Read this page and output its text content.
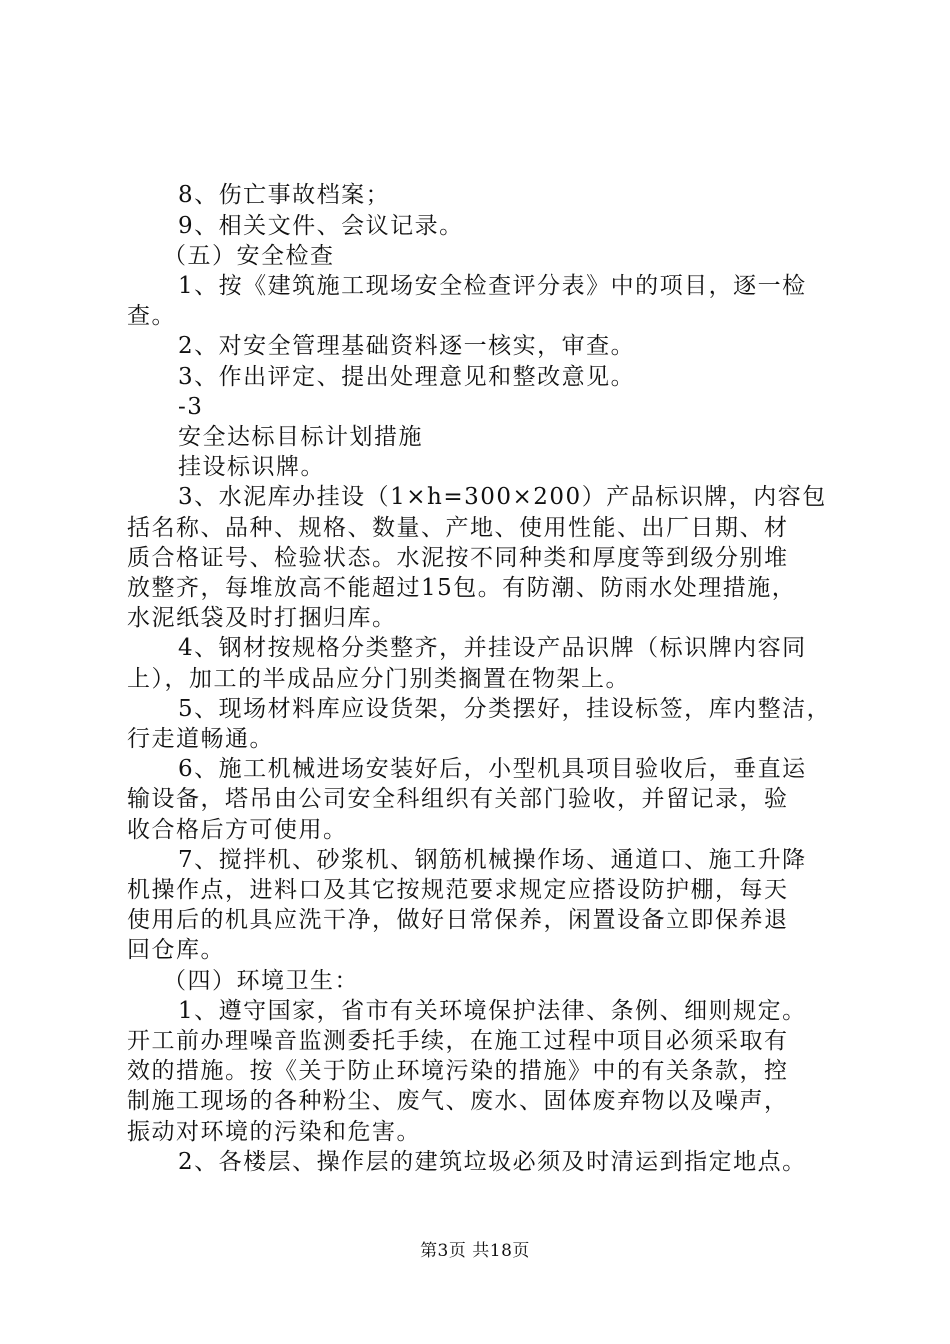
8、伤亡事故档案；
9、相关文件、会议记录。
（五）安全检查
1、按《建筑施工现场安全检查评分表》中的项目，逐一检
查。
2、对安全管理基础资料逐一核实，审查。
3、作出评定、提出处理意见和整改意见。
-3
安全达标目标计划措施
挂设标识牌。
3、水泥库办挂设（1×h=300×200）产品标识牌，内容包
括名称、品种、规格、数量、产地、使用性能、出厂日期、材
质合格证号、检验状态。水泥按不同种类和厚度等到级分别堆
放整齐，每堆放高不能超过15包。有防潮、防雨水处理措施，
水泥纸袋及时打捆归库。
4、钢材按规格分类整齐，并挂设产品识牌（标识牌内容同
上），加工的半成品应分门别类搁置在物架上。
5、现场材料库应设货架，分类摆好，挂设标签，库内整洁，
行走道畅通。
6、施工机械进场安装好后，小型机具项目验收后，垂直运
输设备，塔吊由公司安全科组织有关部门验收，并留记录，验
收合格后方可使用。
7、搅拌机、砂浆机、钢筋机械操作场、通道口、施工升降
机操作点，进料口及其它按规范要求规定应搭设防护棚，每天
使用后的机具应洗干净，做好日常保养，闲置设备立即保养退
回仓库。
（四）环境卫生：
1、遵守国家，省市有关环境保护法律、条例、细则规定。
开工前办理噪音监测委托手续，在施工过程中项目必须采取有
效的措施。按《关于防止环境污染的措施》中的有关条款，控
制施工现场的各种粉尘、废气、废水、固体废弃物以及噪声，
振动对环境的污染和危害。
2、各楼层、操作层的建筑垃圾必须及时清运到指定地点。
第3页 共18页
